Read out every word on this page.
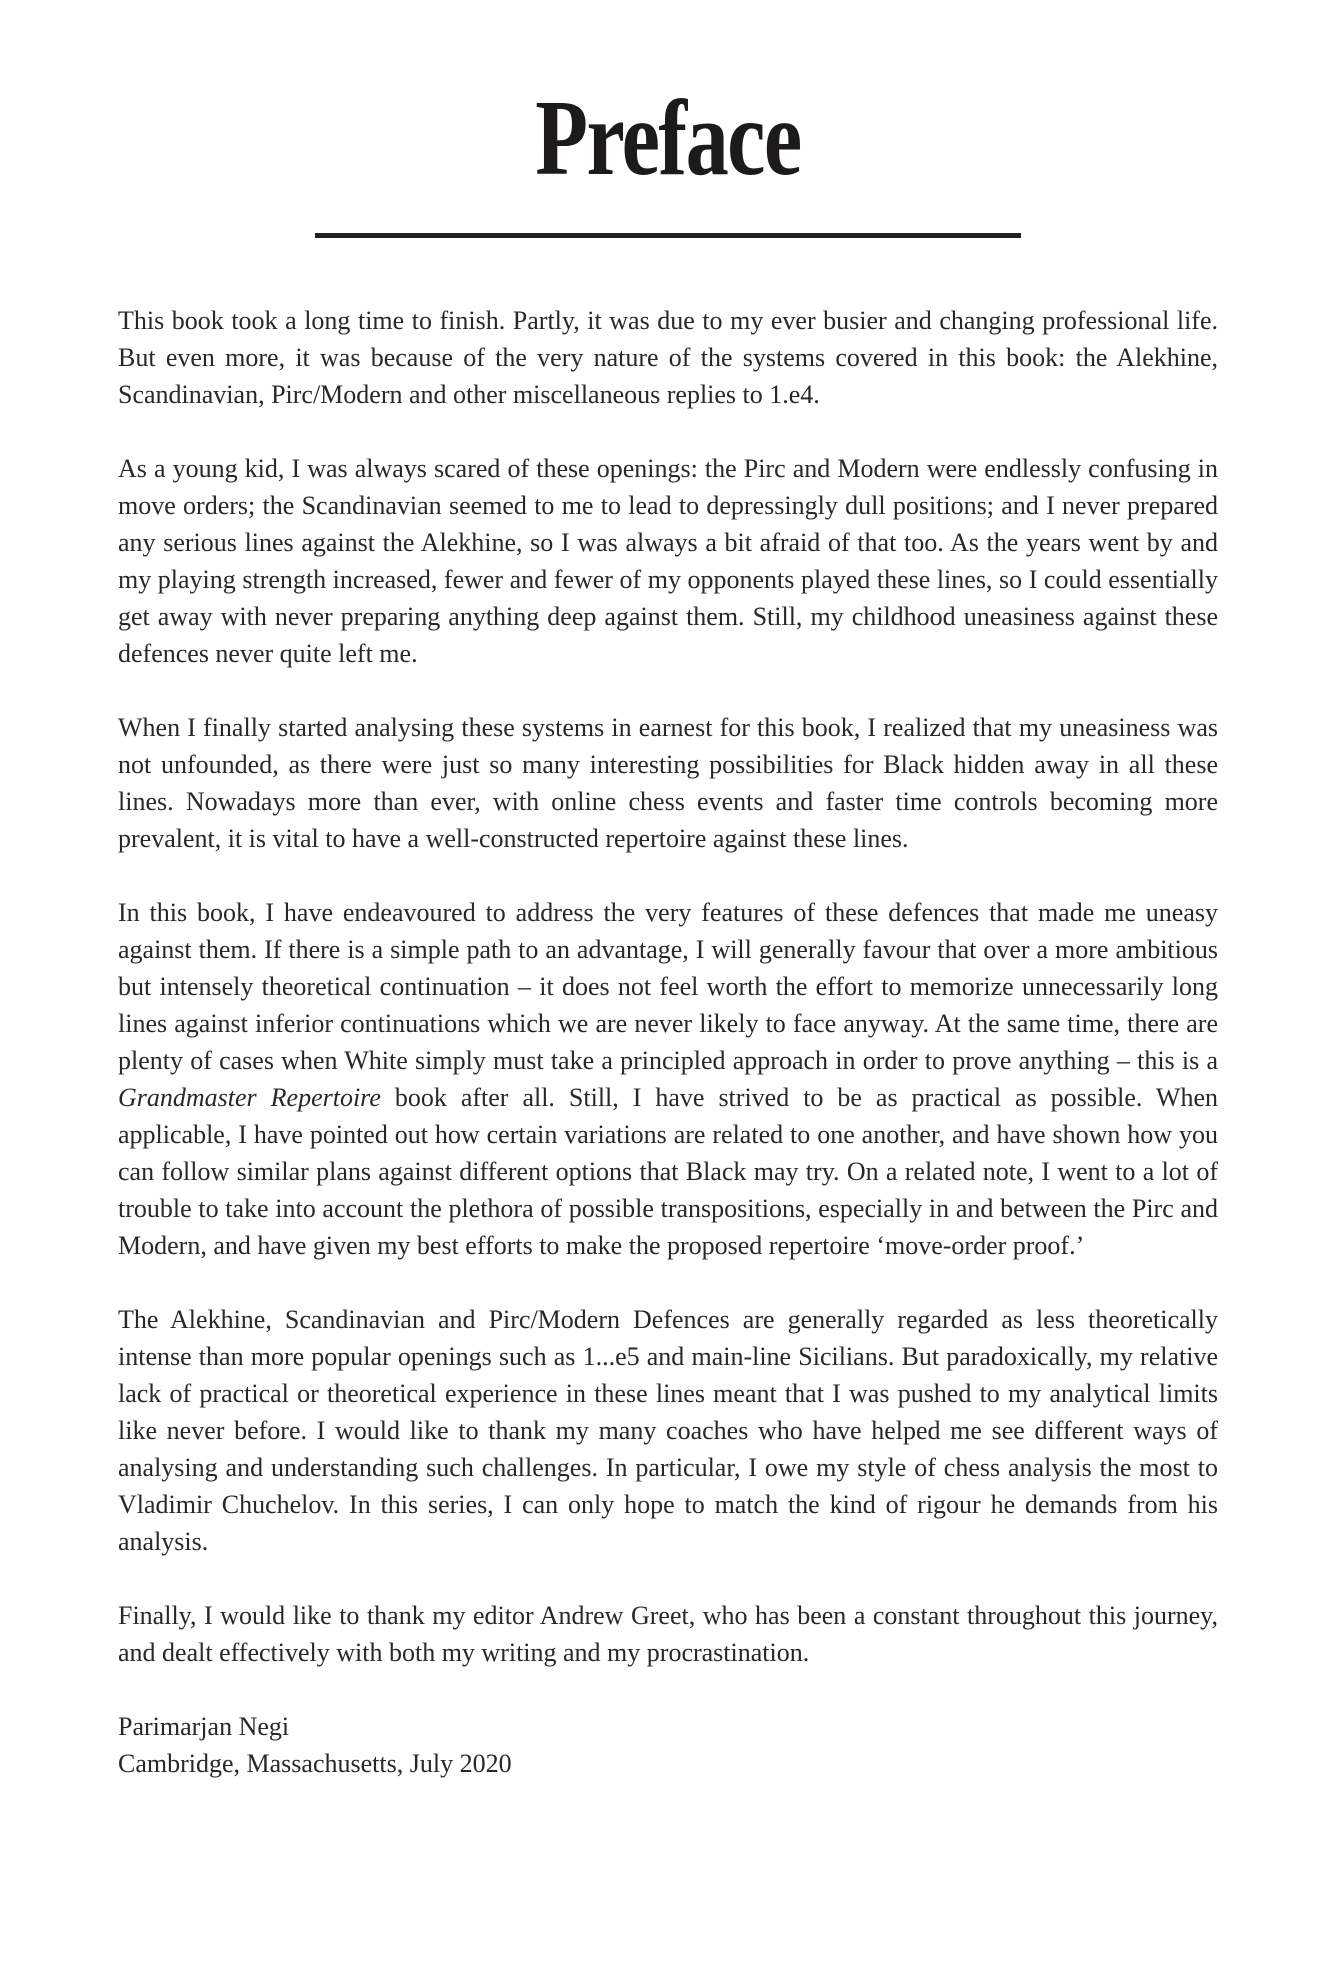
Preface

This book took a long time to finish. Partly, it was due to my ever busier and changing professional life. But even more, it was because of the very nature of the systems covered in this book: the Alekhine, Scandinavian, Pirc/Modern and other miscellaneous replies to 1.e4.

As a young kid, I was always scared of these openings: the Pirc and Modern were endlessly confusing in move orders; the Scandinavian seemed to me to lead to depressingly dull positions; and I never prepared any serious lines against the Alekhine, so I was always a bit afraid of that too. As the years went by and my playing strength increased, fewer and fewer of my opponents played these lines, so I could essentially get away with never preparing anything deep against them. Still, my childhood uneasiness against these defences never quite left me.

When I finally started analysing these systems in earnest for this book, I realized that my uneasiness was not unfounded, as there were just so many interesting possibilities for Black hidden away in all these lines. Nowadays more than ever, with online chess events and faster time controls becoming more prevalent, it is vital to have a well-constructed repertoire against these lines.

In this book, I have endeavoured to address the very features of these defences that made me uneasy against them. If there is a simple path to an advantage, I will generally favour that over a more ambitious but intensely theoretical continuation – it does not feel worth the effort to memorize unnecessarily long lines against inferior continuations which we are never likely to face anyway. At the same time, there are plenty of cases when White simply must take a principled approach in order to prove anything – this is a Grandmaster Repertoire book after all. Still, I have strived to be as practical as possible. When applicable, I have pointed out how certain variations are related to one another, and have shown how you can follow similar plans against different options that Black may try. On a related note, I went to a lot of trouble to take into account the plethora of possible transpositions, especially in and between the Pirc and Modern, and have given my best efforts to make the proposed repertoire ‘move-order proof.’

The Alekhine, Scandinavian and Pirc/Modern Defences are generally regarded as less theoretically intense than more popular openings such as 1...e5 and main-line Sicilians. But paradoxically, my relative lack of practical or theoretical experience in these lines meant that I was pushed to my analytical limits like never before. I would like to thank my many coaches who have helped me see different ways of analysing and understanding such challenges. In particular, I owe my style of chess analysis the most to Vladimir Chuchelov. In this series, I can only hope to match the kind of rigour he demands from his analysis.

Finally, I would like to thank my editor Andrew Greet, who has been a constant throughout this journey, and dealt effectively with both my writing and my procrastination.

Parimarjan Negi
Cambridge, Massachusetts, July 2020
